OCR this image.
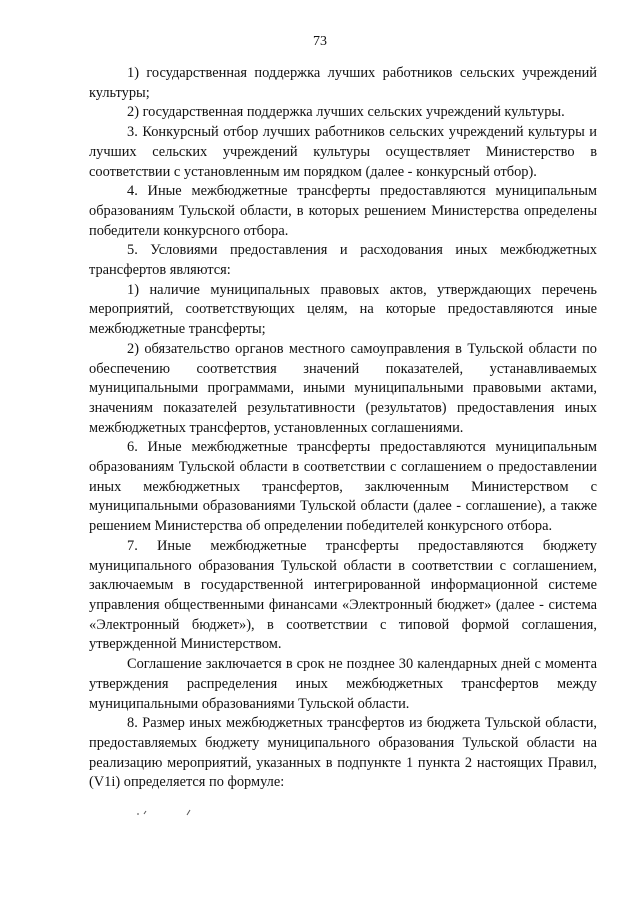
73

1) государственная поддержка лучших работников сельских учреждений культуры;

2) государственная поддержка лучших сельских учреждений культуры.

3. Конкурсный отбор лучших работников сельских учреждений культуры и лучших сельских учреждений культуры осуществляет Министерство в соответствии с установленным им порядком (далее - конкурсный отбор).

4. Иные межбюджетные трансферты предоставляются муниципальным образованиям Тульской области, в которых решением Министерства определены победители конкурсного отбора.

5. Условиями предоставления и расходования иных межбюджетных трансфертов являются:

1) наличие муниципальных правовых актов, утверждающих перечень мероприятий, соответствующих целям, на которые предоставляются иные межбюджетные трансферты;

2) обязательство органов местного самоуправления в Тульской области по обеспечению соответствия значений показателей, устанавливаемых муниципальными программами, иными муниципальными правовыми актами, значениям показателей результативности (результатов) предоставления иных межбюджетных трансфертов, установленных соглашениями.

6. Иные межбюджетные трансферты предоставляются муниципальным образованиям Тульской области в соответствии с соглашением о предоставлении иных межбюджетных трансфертов, заключенным Министерством с муниципальными образованиями Тульской области (далее - соглашение), а также решением Министерства об определении победителей конкурсного отбора.

7. Иные межбюджетные трансферты предоставляются бюджету муниципального образования Тульской области в соответствии с соглашением, заключаемым в государственной интегрированной информационной системе управления общественными финансами «Электронный бюджет» (далее - система «Электронный бюджет»), в соответствии с типовой формой соглашения, утвержденной Министерством.

Соглашение заключается в срок не позднее 30 календарных дней с момента утверждения распределения иных межбюджетных трансфертов между муниципальными образованиями Тульской области.

8. Размер иных межбюджетных трансфертов из бюджета Тульской области, предоставляемых бюджету муниципального образования Тульской области на реализацию мероприятий, указанных в подпункте 1 пункта 2 настоящих Правил, (V1i) определяется по формуле:
